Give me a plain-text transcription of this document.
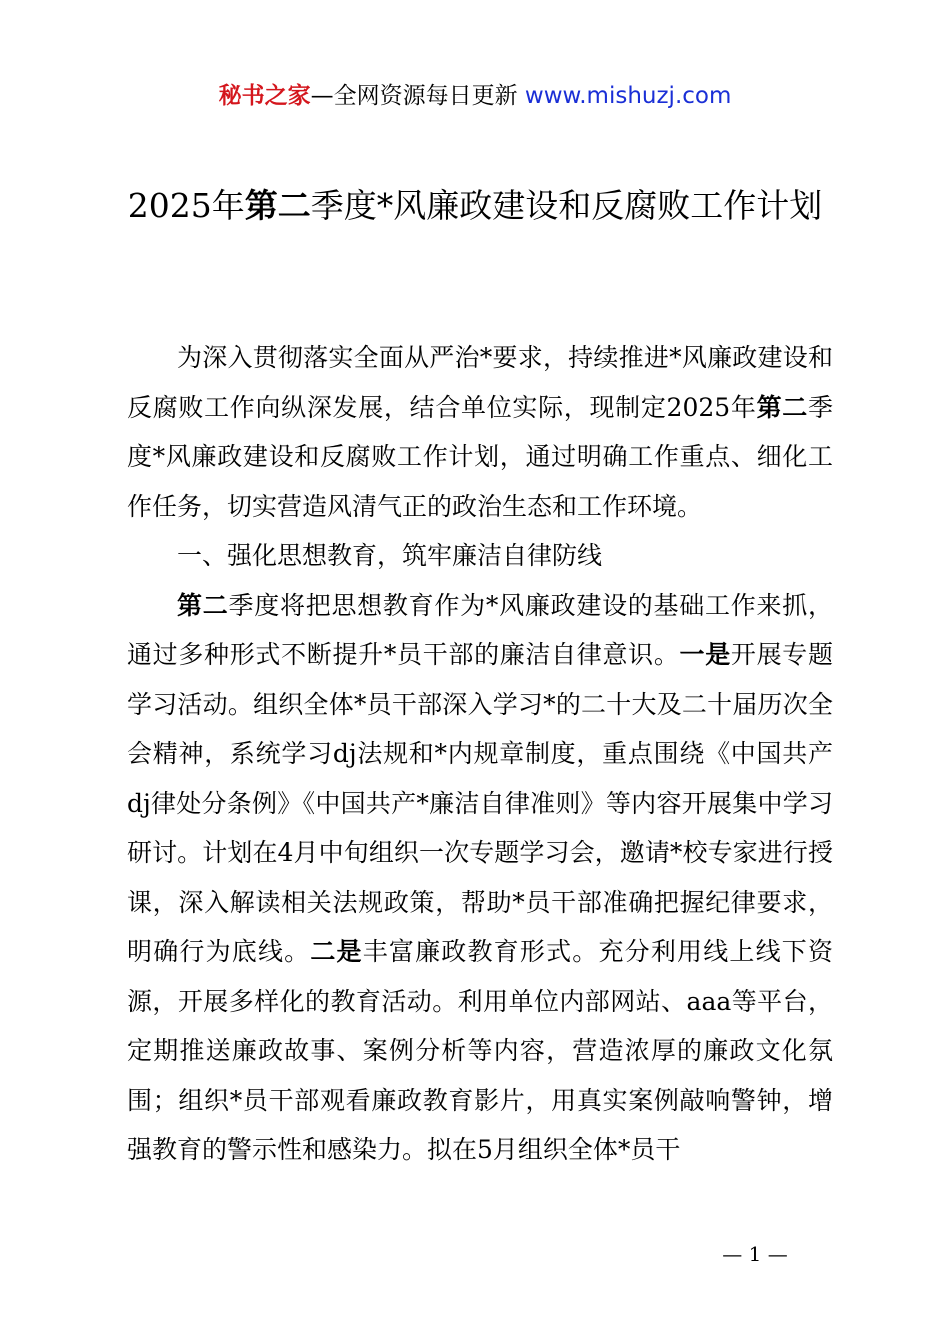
秘书之家—全网资源每日更新 www.mishuzj.com
2025年第二季度*风廉政建设和反腐败工作计划

为深入贯彻落实全面从严治*要求，持续推进*风廉政建设和反腐败工作向纵深发展，结合单位实际，现制定2025年第二季度*风廉政建设和反腐败工作计划，通过明确工作重点、细化工作任务，切实营造风清气正的政治生态和工作环境。

一、强化思想教育，筑牢廉洁自律防线

第二季度将把思想教育作为*风廉政建设的基础工作来抓，通过多种形式不断提升*员干部的廉洁自律意识。一是开展专题学习活动。组织全体*员干部深入学习*的二十大及二十届历次全会精神，系统学习dj法规和*内规章制度，重点围绕《中国共产dj律处分条例》《中国共产*廉洁自律准则》等内容开展集中学习研讨。计划在4月中旬组织一次专题学习会，邀请*校专家进行授课，深入解读相关法规政策，帮助*员干部准确把握纪律要求，明确行为底线。二是丰富廉政教育形式。充分利用线上线下资源，开展多样化的教育活动。利用单位内部网站、aaa等平台，定期推送廉政故事、案例分析等内容，营造浓厚的廉政文化氛围；组织*员干部观看廉政教育影片，用真实案例敲响警钟，增强教育的警示性和感染力。拟在5月组织全体*员干

— 1 —
